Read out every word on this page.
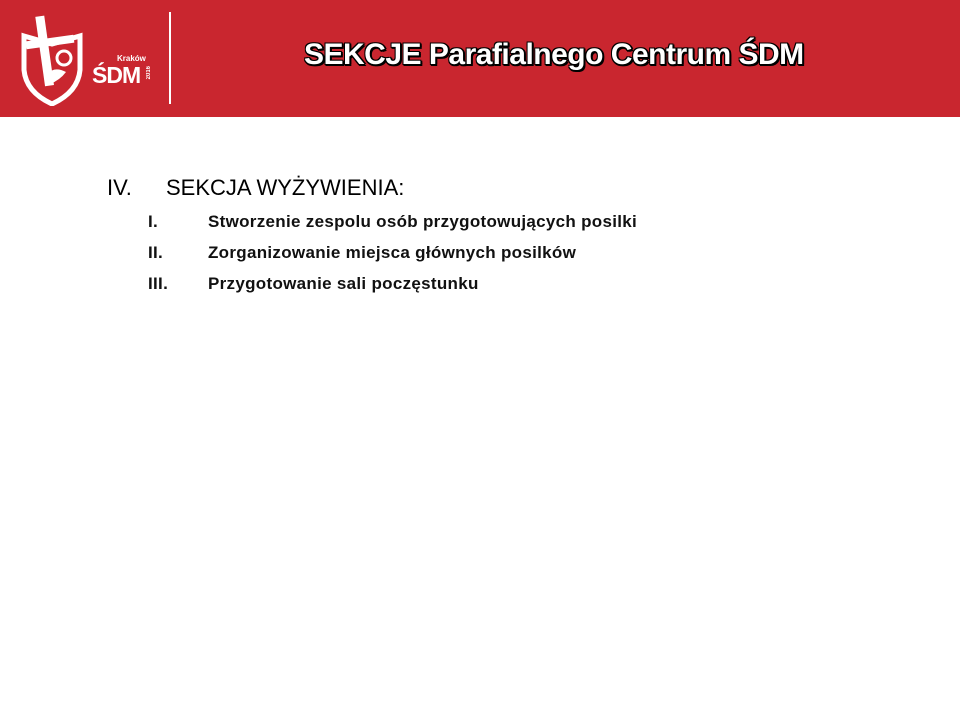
Kraków
ŚDM 2016
SEKCJE Parafialnego Centrum ŚDM
IV. SEKCJA WYŻYWIENIA:
I.	Stworzenie zespolu osób przygotowujących posilki
II.	Zorganizowanie miejsca głównych posilków
III. Przygotowanie sali poczęstunku
